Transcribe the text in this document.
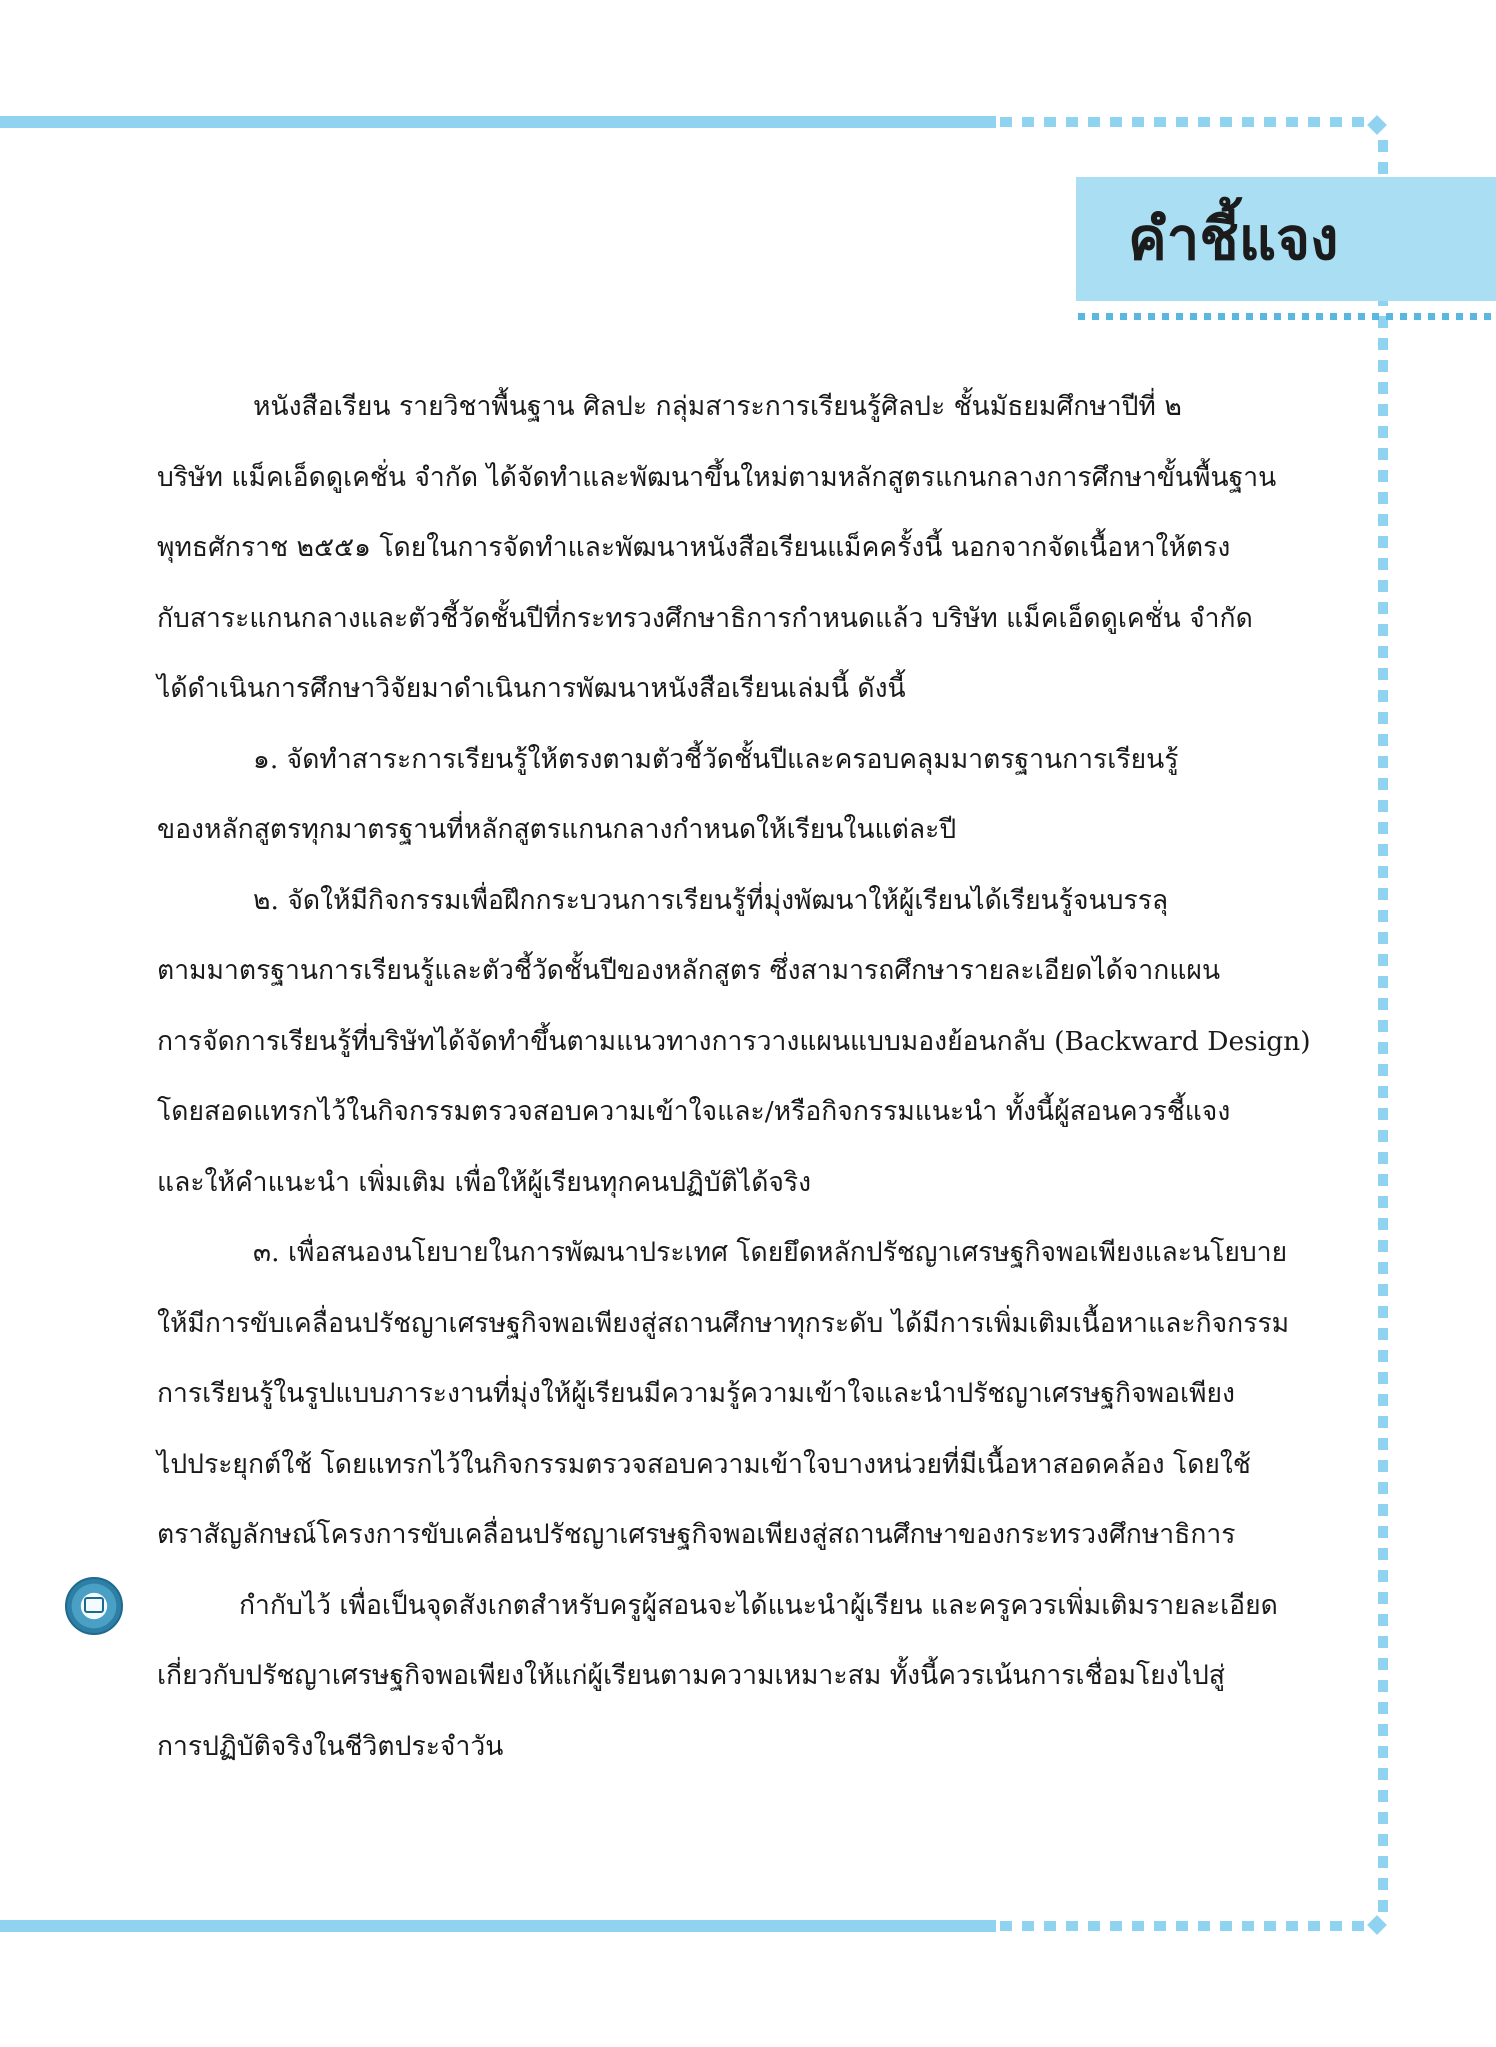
คำชี้แจง

หนังสือเรียน รายวิชาพื้นฐาน ศิลปะ กลุ่มสาระการเรียนรู้ศิลปะ ชั้นมัธยมศึกษาปีที่ ๒
บริษัท แม็คเอ็ดดูเคชั่น จำกัด ได้จัดทำและพัฒนาขึ้นใหม่ตามหลักสูตรแกนกลางการศึกษาขั้นพื้นฐาน
พุทธศักราช ๒๕๕๑ โดยในการจัดทำและพัฒนาหนังสือเรียนแม็คครั้งนี้ นอกจากจัดเนื้อหาให้ตรง
กับสาระแกนกลางและตัวชี้วัดชั้นปีที่กระทรวงศึกษาธิการกำหนดแล้ว บริษัท แม็คเอ็ดดูเคชั่น จำกัด
ได้ดำเนินการศึกษาวิจัยมาดำเนินการพัฒนาหนังสือเรียนเล่มนี้ ดังนี้

๑. จัดทำสาระการเรียนรู้ให้ตรงตามตัวชี้วัดชั้นปีและครอบคลุมมาตรฐานการเรียนรู้
ของหลักสูตรทุกมาตรฐานที่หลักสูตรแกนกลางกำหนดให้เรียนในแต่ละปี

๒. จัดให้มีกิจกรรมเพื่อฝึกกระบวนการเรียนรู้ที่มุ่งพัฒนาให้ผู้เรียนได้เรียนรู้จนบรรลุ
ตามมาตรฐานการเรียนรู้และตัวชี้วัดชั้นปีของหลักสูตร ซึ่งสามารถศึกษารายละเอียดได้จากแผน
การจัดการเรียนรู้ที่บริษัทได้จัดทำขึ้นตามแนวทางการวางแผนแบบมองย้อนกลับ (Backward Design)
โดยสอดแทรกไว้ในกิจกรรมตรวจสอบความเข้าใจและ/หรือกิจกรรมแนะนำ ทั้งนี้ผู้สอนควรชี้แจง
และให้คำแนะนำ เพิ่มเติม เพื่อให้ผู้เรียนทุกคนปฏิบัติได้จริง

๓. เพื่อสนองนโยบายในการพัฒนาประเทศ โดยยึดหลักปรัชญาเศรษฐกิจพอเพียงและนโยบาย
ให้มีการขับเคลื่อนปรัชญาเศรษฐกิจพอเพียงสู่สถานศึกษาทุกระดับ ได้มีการเพิ่มเติมเนื้อหาและกิจกรรม
การเรียนรู้ในรูปแบบภาระงานที่มุ่งให้ผู้เรียนมีความรู้ความเข้าใจและนำปรัชญาเศรษฐกิจพอเพียง
ไปประยุกต์ใช้ โดยแทรกไว้ในกิจกรรมตรวจสอบความเข้าใจบางหน่วยที่มีเนื้อหาสอดคล้อง โดยใช้
ตราสัญลักษณ์โครงการขับเคลื่อนปรัชญาเศรษฐกิจพอเพียงสู่สถานศึกษาของกระทรวงศึกษาธิการ
กำกับไว้ เพื่อเป็นจุดสังเกตสำหรับครูผู้สอนจะได้แนะนำผู้เรียน และครูควรเพิ่มเติมรายละเอียด
เกี่ยวกับปรัชญาเศรษฐกิจพอเพียงให้แก่ผู้เรียนตามความเหมาะสม ทั้งนี้ควรเน้นการเชื่อมโยงไปสู่
การปฏิบัติจริงในชีวิตประจำวัน
